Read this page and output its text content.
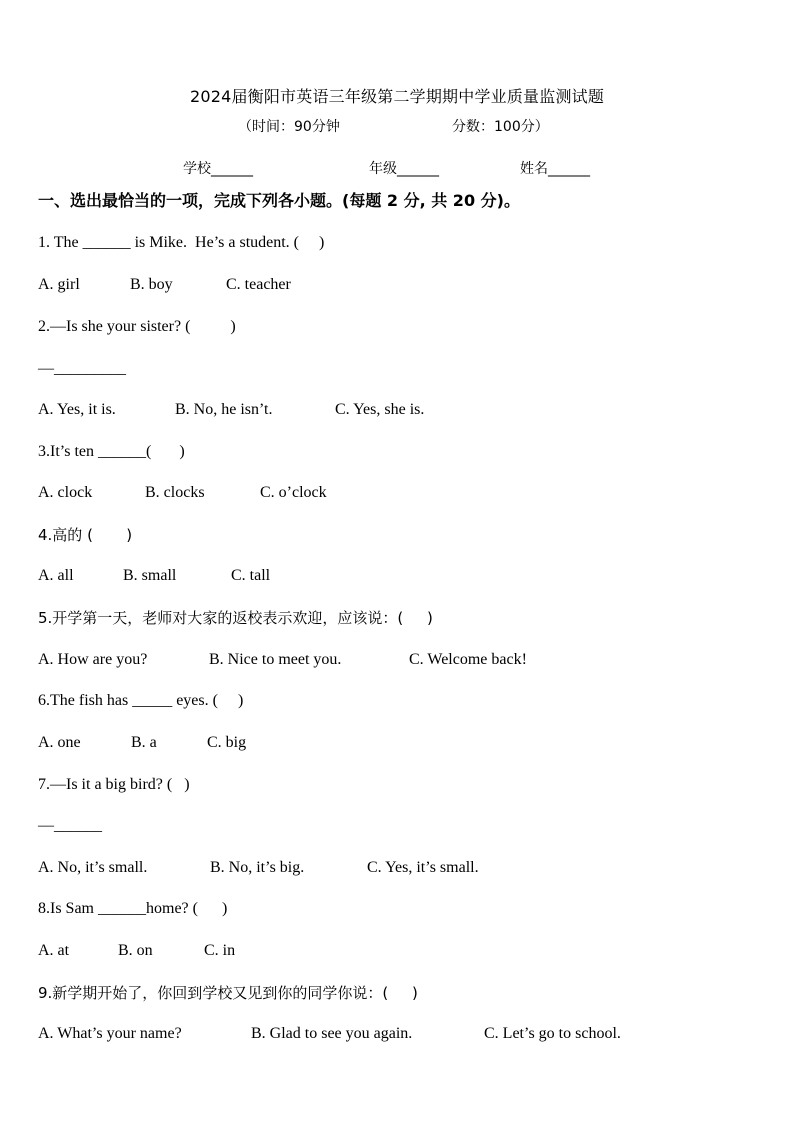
2024届衡阳市英语三年级第二学期期中学业质量监测试题
（时间：90分钟	分数：100分）
学校______	年级______	姓名______
一、选出最恰当的一项，完成下列各小题。(每题 2 分, 共 20 分)。
1. The ______ is Mike.  He’s a student. (     )
A. girl	B. boy	C. teacher
2.—Is she your sister? (          )
—_________
A. Yes, it is.	B. No, he isn’t.	C. Yes, she is.
3.It’s ten ______(       )
A. clock	B. clocks	C. o’clock
4.高的 (       )
A. all	B. small	C. tall
5.开学第一天，老师对大家的返校表示欢迎，应该说：(     )
A. How are you?	B. Nice to meet you.	C. Welcome back!
6.The fish has _____ eyes. (     )
A. one	B. a	C. big
7.—Is it a big bird? (   )
—______
A. No, it’s small.	B. No, it’s big.	C. Yes, it’s small.
8.Is Sam ______home? (      )
A. at	B. on	C. in
9.新学期开始了，你回到学校又见到你的同学你说：(     )
A. What’s your name?	B. Glad to see you again.	C. Let’s go to school.
